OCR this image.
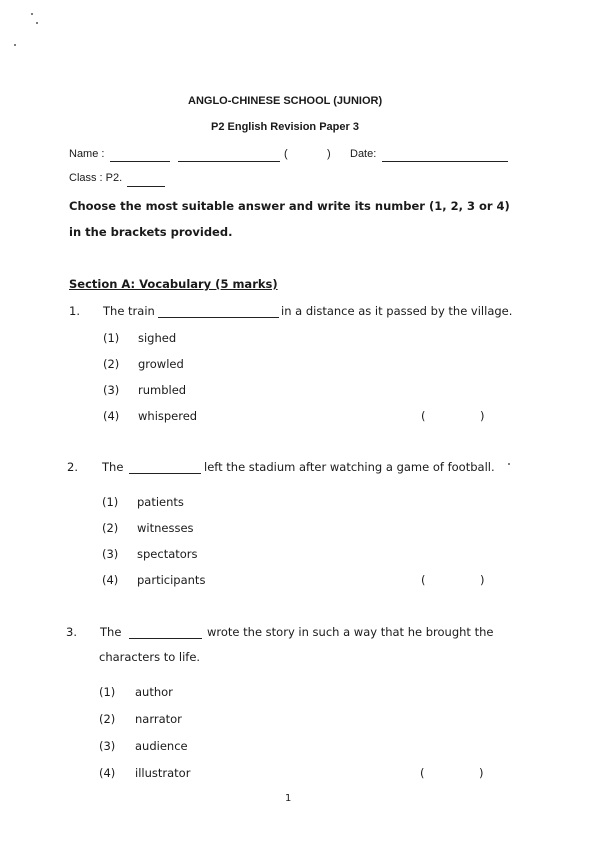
ANGLO-CHINESE SCHOOL (JUNIOR)
P2 English Revision Paper 3
Name :	(	) Date:
Class : P2.
Choose the most suitable answer and write its number (1, 2, 3 or 4)
in the brackets provided.
Section A: Vocabulary (5 marks)
1. The train	in a distance as it passed by the village.
(1) sighed
(2) growled
(3) rumbled
(4) whispered	(	)
2. The	left the stadium after watching a game of football.
(1) patients
(2) witnesses
(3) spectators
(4) participants	(	)
3. The	wrote the story in such a way that he brought the
characters to life.
(1) author
(2) narrator
(3) audience
(4) illustrator	(	)
1
